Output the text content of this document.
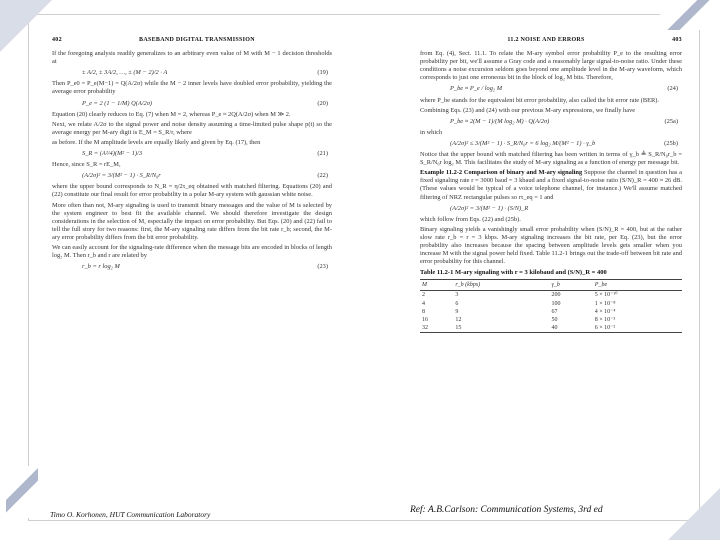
402	BASEBAND DIGITAL TRANSMISSION

If the foregoing analysis readily generalizes to an arbitrary even value of M with M − 1 decision thresholds at

± A/2, ± 3A/2, …, ± (M − 2)/2 · A	(19)

Then P_e0 = P_e(M−1) = Q(A/2σ) while the M − 2 inner levels have doubled error probability, yielding the average error probability

P_e = 2 (1 − 1/M) Q(A/2σ)	(20)

Equation (20) clearly reduces to Eq. (7) when M = 2, whereas P_e ≈ 2Q(A/2σ) when M ≫ 2.

Next, we relate A/2σ to the signal power and noise density assuming a time-limited pulse shape p(t) so the average energy per M-ary digit is E_M = S_R/r, where

as before. If the M amplitude levels are equally likely and given by Eq. (17), then

S_R = (A²/4)(M² − 1)/3	(21)

Hence, since S_R = rE_M,

(A/2σ)² = 3/(M² − 1) · S_R/N₀r	(22)

where the upper bound corresponds to N_R = η/2τ_eq obtained with matched filtering. Equations (20) and (22) constitute our final result for error probability in a polar M-ary system with gaussian white noise.

More often than not, M-ary signaling is used to transmit binary messages and the value of M is selected by the system engineer to best fit the available channel. We should therefore investigate the design considerations in the selection of M, especially the impact on error probability. But Eqs. (20) and (22) fail to tell the full story for two reasons: first, the M-ary signaling rate differs from the bit rate r_b; second, the M-ary error probability differs from the bit error probability.

We can easily account for the signaling-rate difference when the message bits are encoded in blocks of length log₂ M. Then r_b and r are related by

r_b = r log₂ M	(23)
11.2 NOISE AND ERRORS	403

from Eq. (4), Sect. 11.1. To relate the M-ary symbol error probability P_e to the resulting error probability per bit, we'll assume a Gray code and a reasonably large signal-to-noise ratio. Under these conditions a noise excursion seldom goes beyond one amplitude level in the M-ary waveform, which corresponds to just one erroneous bit in the block of log₂ M bits. Therefore,

P_be ≈ P_e / log₂ M	(24)

where P_be stands for the equivalent bit error probability, also called the bit error rate (BER).

Combining Eqs. (23) and (24) with our previous M-ary expressions, we finally have

P_be ≈ 2(M − 1)/(M log₂ M) · Q(A/2σ)	(25a)

in which

(A/2σ)² ≤ 3/(M² − 1) · S_R/N₀r = 6 log₂ M/(M² − 1) · γ_b	(25b)

Notice that the upper bound with matched filtering has been written in terms of γ_b ≜ S_R/N₀r_b = S_R/N₀r log₂ M. This facilitates the study of M-ary signaling as a function of energy per message bit.

Example 11.2-2 Comparison of binary and M-ary signaling Suppose the channel in question has a fixed signaling rate r = 3000 baud = 3 kbaud and a fixed signal-to-noise ratio (S/N)_R = 400 ≈ 26 dB. (These values would be typical of a voice telephone channel, for instance.) We'll assume matched filtering of NRZ rectangular pulses so rτ_eq = 1 and

(A/2σ)² = 3/(M² − 1) · (S/N)_R

which follow from Eqs. (22) and (25b).

Binary signaling yields a vanishingly small error probability when (S/N)_R = 400, but at the rather slow rate r_b = r = 3 kbps. M-ary signaling increases the bit rate, per Eq. (23), but the error probability also increases because the spacing between amplitude levels gets smaller when you increase M with the signal power held fixed. Table 11.2-1 brings out the trade-off between bit rate and error probability for this channel.

Table 11.2-1 M-ary signaling with r = 3 kilobaud and (S/N)_R = 400
M	r_b (kbps)	γ_b	P_be
2	3	200	5 × 10⁻¹⁰
4	6	100	1 × 10⁻⁸
8	9	67	4 × 10⁻⁴
16	12	50	8 × 10⁻³
32	15	40	6 × 10⁻²
Timo O. Korhonen, HUT Communication Laboratory	Ref: A.B.Carlson: Communication Systems, 3rd ed
